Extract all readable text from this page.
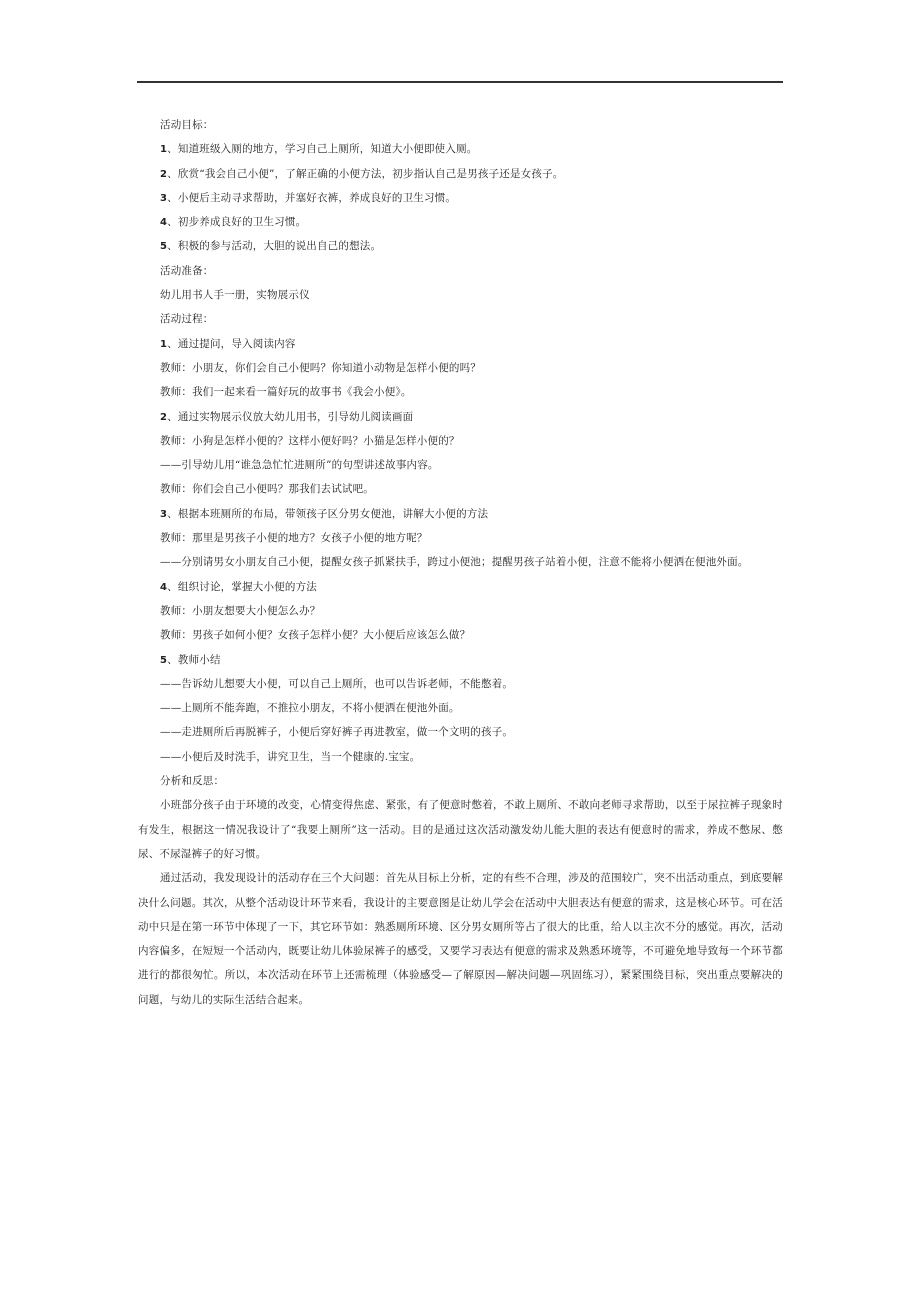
活动目标：
1、知道班级入厕的地方，学习自己上厕所，知道大小便即使入厕。
2、欣赏“我会自己小便”，了解正确的小便方法，初步指认自己是男孩子还是女孩子。
3、小便后主动寻求帮助，并塞好衣裤，养成良好的卫生习惯。
4、初步养成良好的卫生习惯。
5、积极的参与活动，大胆的说出自己的想法。
活动准备：
幼儿用书人手一册，实物展示仪
活动过程：
1、通过提问，导入阅读内容
教师：小朋友，你们会自己小便吗？你知道小动物是怎样小便的吗？
教师：我们一起来看一篇好玩的故事书《我会小便》。
2、通过实物展示仪放大幼儿用书，引导幼儿阅读画面
教师：小狗是怎样小便的？这样小便好吗？小猫是怎样小便的？
——引导幼儿用“谁急急忙忙进厕所”的句型讲述故事内容。
教师：你们会自己小便吗？那我们去试试吧。
3、根据本班厕所的布局，带领孩子区分男女便池，讲解大小便的方法
教师：那里是男孩子小便的地方？女孩子小便的地方呢？
——分别请男女小朋友自己小便，提醒女孩子抓紧扶手，跨过小便池；提醒男孩子站着小便，注意不能将小便洒在便池外面。
4、组织讨论，掌握大小便的方法
教师：小朋友想要大小便怎么办？
教师：男孩子如何小便？女孩子怎样小便？大小便后应该怎么做？
5、教师小结
——告诉幼儿想要大小便，可以自己上厕所，也可以告诉老师，不能憋着。
——上厕所不能奔跑，不推拉小朋友，不将小便洒在便池外面。
——走进厕所后再脱裤子，小便后穿好裤子再进教室，做一个文明的孩子。
——小便后及时洗手，讲究卫生，当一个健康的.宝宝。
分析和反思：

小班部分孩子由于环境的改变，心情变得焦虑、紧张，有了便意时憋着，不敢上厕所、不敢向老师寻求帮助，以至于尿拉裤子现象时有发生，根据这一情况我设计了“我要上厕所”这一活动。目的是通过这次活动激发幼儿能大胆的表达有便意时的需求，养成不憋尿、憋尿、不尿湿裤子的好习惯。

通过活动，我发现设计的活动存在三个大问题：首先从目标上分析，定的有些不合理，涉及的范围较广，突不出活动重点，到底要解决什么问题。其次，从整个活动设计环节来看，我设计的主要意图是让幼儿学会在活动中大胆表达有便意的需求，这是核心环节。可在活动中只是在第一环节中体现了一下，其它环节如：熟悉厕所环境、区分男女厕所等占了很大的比重，给人以主次不分的感觉。再次，活动内容偏多，在短短一个活动内，既要让幼儿体验尿裤子的感受，又要学习表达有便意的需求及熟悉环境等，不可避免地导致每一个环节都进行的都很匆忙。所以，本次活动在环节上还需梳理（体验感受—了解原因—解决问题—巩固练习），紧紧围绕目标，突出重点要解决的问题，与幼儿的实际生活结合起来。
